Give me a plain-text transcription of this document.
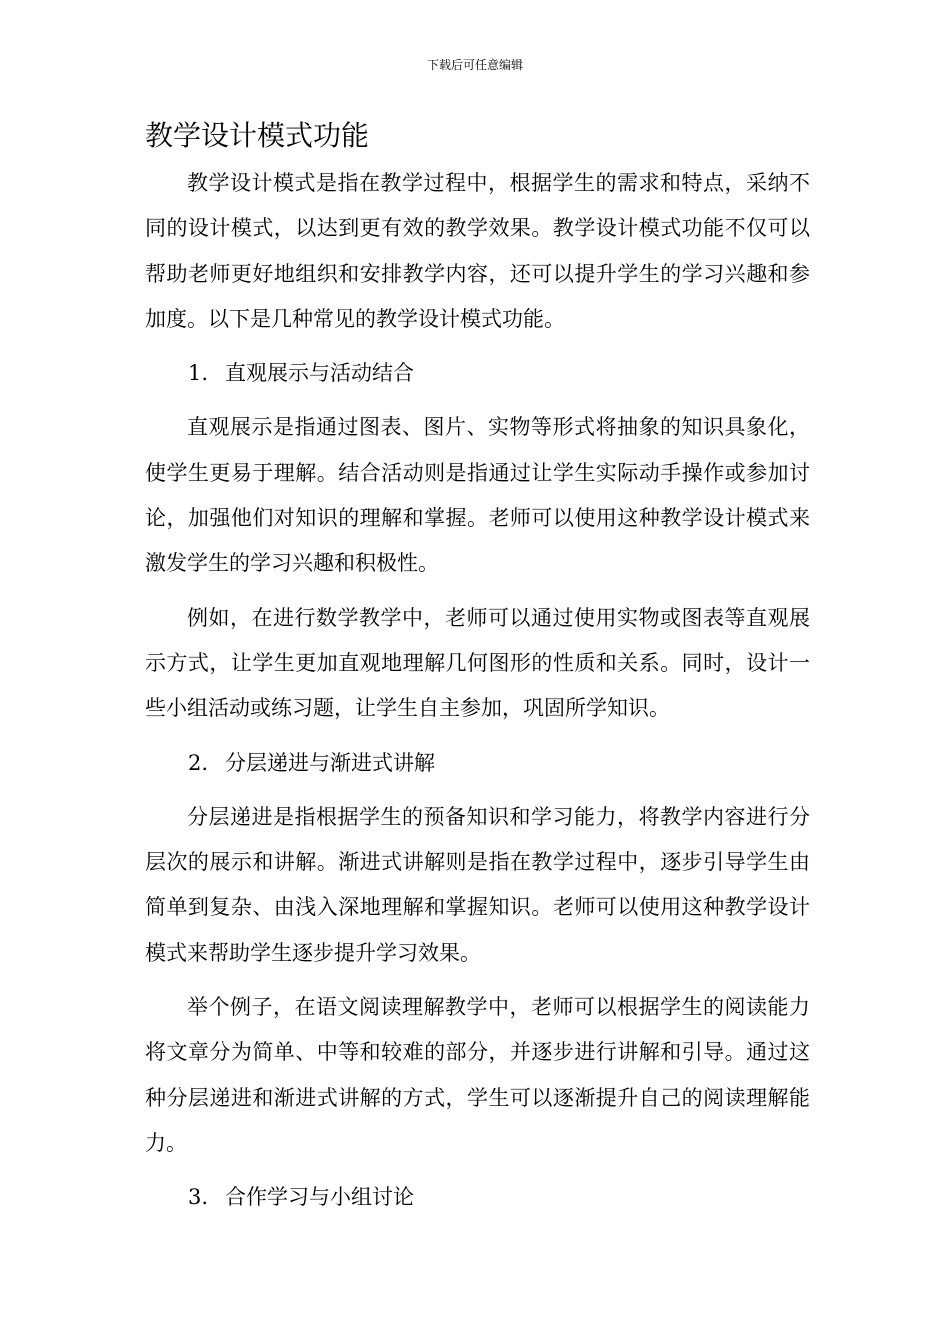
下载后可任意编辑
教学设计模式功能

教学设计模式是指在教学过程中，根据学生的需求和特点，采纳不同的设计模式，以达到更有效的教学效果。教学设计模式功能不仅可以帮助老师更好地组织和安排教学内容，还可以提升学生的学习兴趣和参加度。以下是几种常见的教学设计模式功能。

1. 直观展示与活动结合

直观展示是指通过图表、图片、实物等形式将抽象的知识具象化，使学生更易于理解。结合活动则是指通过让学生实际动手操作或参加讨论，加强他们对知识的理解和掌握。老师可以使用这种教学设计模式来激发学生的学习兴趣和积极性。

例如，在进行数学教学中，老师可以通过使用实物或图表等直观展示方式，让学生更加直观地理解几何图形的性质和关系。同时，设计一些小组活动或练习题，让学生自主参加，巩固所学知识。

2. 分层递进与渐进式讲解

分层递进是指根据学生的预备知识和学习能力，将教学内容进行分层次的展示和讲解。渐进式讲解则是指在教学过程中，逐步引导学生由简单到复杂、由浅入深地理解和掌握知识。老师可以使用这种教学设计模式来帮助学生逐步提升学习效果。

举个例子，在语文阅读理解教学中，老师可以根据学生的阅读能力将文章分为简单、中等和较难的部分，并逐步进行讲解和引导。通过这种分层递进和渐进式讲解的方式，学生可以逐渐提升自己的阅读理解能力。

3. 合作学习与小组讨论
